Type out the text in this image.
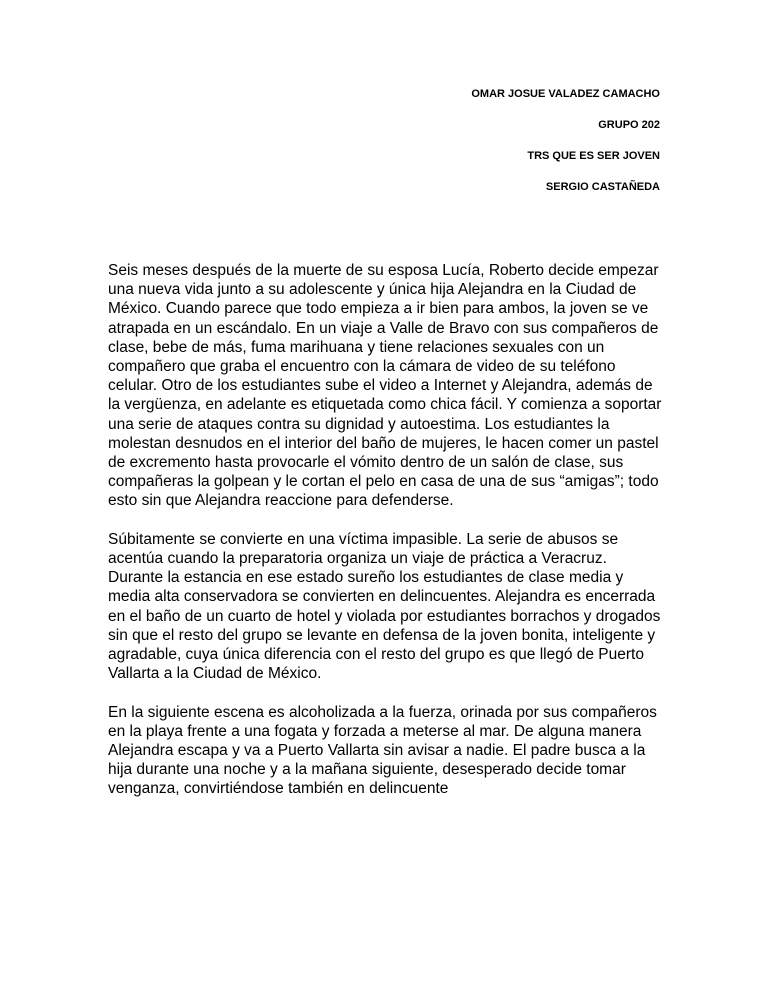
OMAR JOSUE VALADEZ CAMACHO
GRUPO 202
TRS QUE ES SER JOVEN
SERGIO CASTAÑEDA

Seis meses después de la muerte de su esposa Lucía, Roberto decide empezar una nueva vida junto a su adolescente y única hija Alejandra en la Ciudad de México. Cuando parece que todo empieza a ir bien para ambos, la joven se ve atrapada en un escándalo. En un viaje a Valle de Bravo con sus compañeros de clase, bebe de más, fuma marihuana y tiene relaciones sexuales con un compañero que graba el encuentro con la cámara de video de su teléfono celular. Otro de los estudiantes sube el video a Internet y Alejandra, además de la vergüenza, en adelante es etiquetada como chica fácil. Y comienza a soportar una serie de ataques contra su dignidad y autoestima. Los estudiantes la molestan desnudos en el interior del baño de mujeres, le hacen comer un pastel de excremento hasta provocarle el vómito dentro de un salón de clase, sus compañeras la golpean y le cortan el pelo en casa de una de sus “amigas”; todo esto sin que Alejandra reaccione para defenderse.

Súbitamente se convierte en una víctima impasible. La serie de abusos se acentúa cuando la preparatoria organiza un viaje de práctica a Veracruz. Durante la estancia en ese estado sureño los estudiantes de clase media y media alta conservadora se convierten en delincuentes. Alejandra es encerrada en el baño de un cuarto de hotel y violada por estudiantes borrachos y drogados sin que el resto del grupo se levante en defensa de la joven bonita, inteligente y agradable, cuya única diferencia con el resto del grupo es que llegó de Puerto Vallarta a la Ciudad de México.

En la siguiente escena es alcoholizada a la fuerza, orinada por sus compañeros en la playa frente a una fogata y forzada a meterse al mar. De alguna manera Alejandra escapa y va a Puerto Vallarta sin avisar a nadie. El padre busca a la hija durante una noche y a la mañana siguiente, desesperado decide tomar venganza, convirtiéndose también en delincuente
